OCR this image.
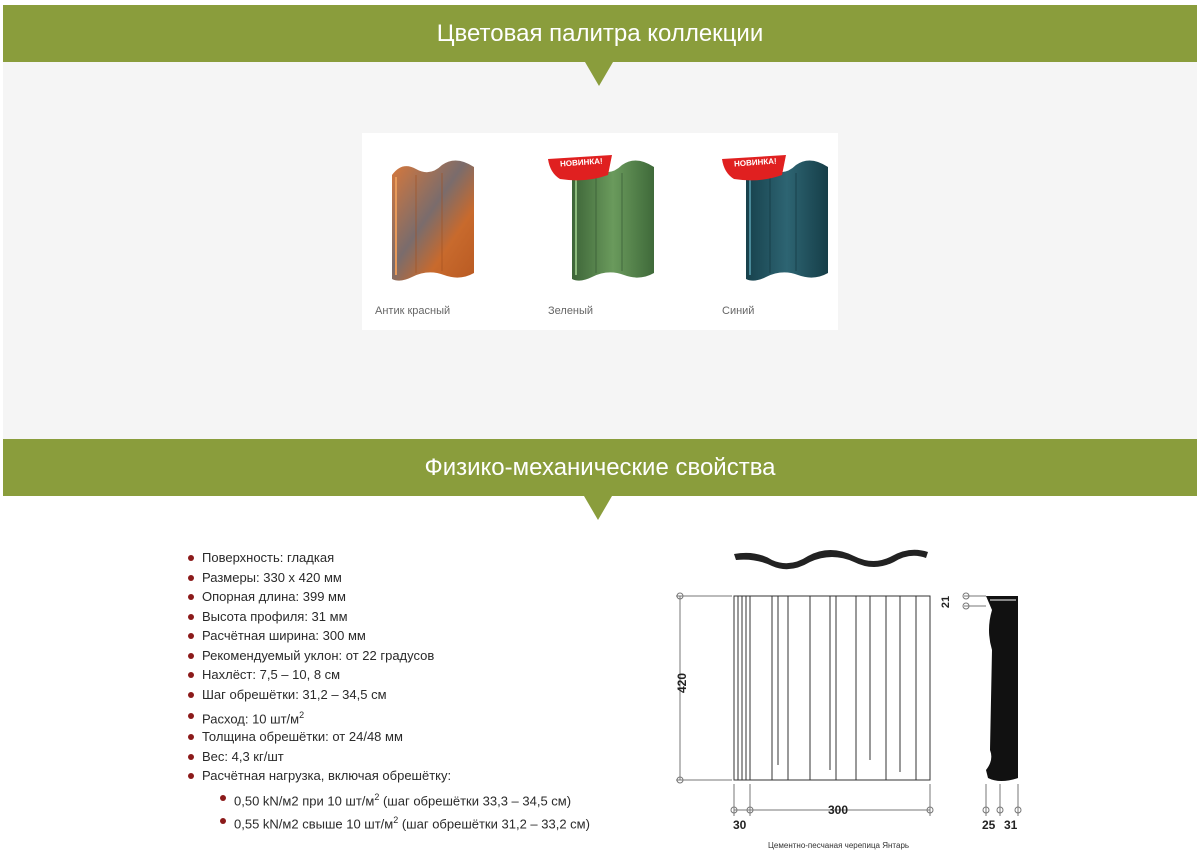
Цветовая палитра коллекции
Антик красный
НОВИНКА!
Зеленый
НОВИНКА!
Синий
Физико-механические свойства
Поверхность: гладкая
Размеры: 330 х 420 мм
Опорная длина: 399 мм
Высота профиля: 31 мм
Расчётная ширина: 300 мм
Рекомендуемый уклон: от 22 градусов
Нахлёст: 7,5 – 10, 8 см
Шаг обрешётки: 31,2 – 34,5 см
Расход: 10 $шт/м^2$
Толщина обрешётки: от 24/48 мм
Вес: 4,3 кг/шт
Расчётная нагрузка, включая обрешётку:
0,50 kN/м2 при 10 $шт/м^2$ (шаг обрешётки 33,3 – 34,5 см)
0,55 kN/м2 свыше 10 $шт/м^2$ (шаг обрешётки 31,2 – 33,2 см)
420
300
30
21
25 31
Цементно-песчаная черепица Янтарь
